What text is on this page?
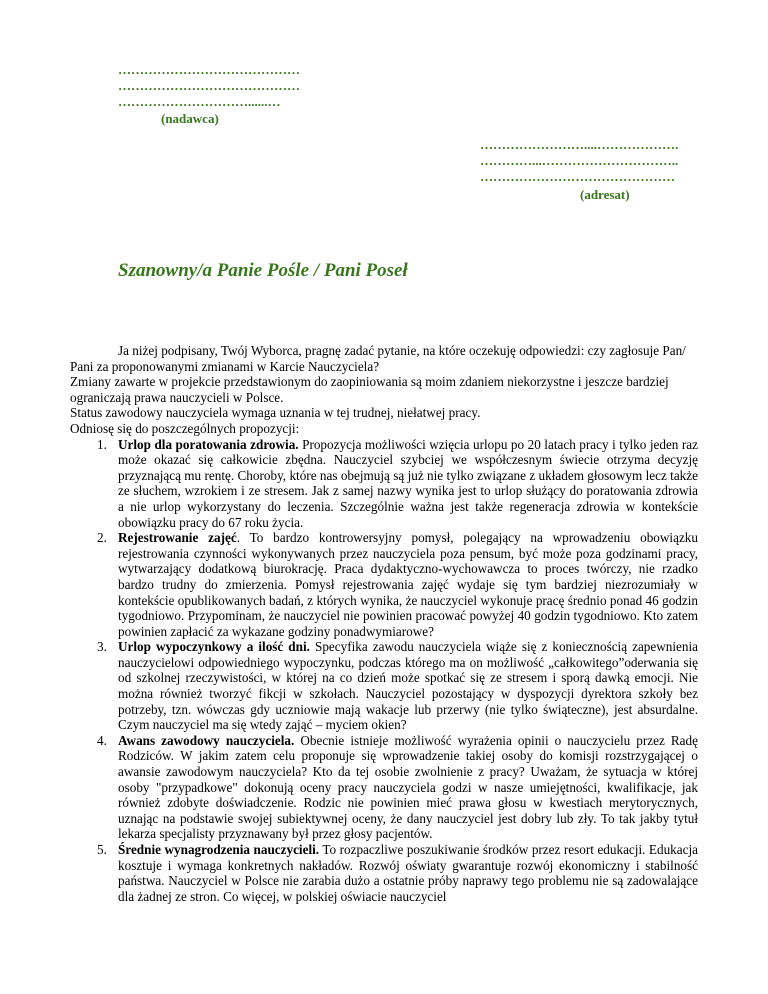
……………………………………
……………………………………
…………………………......…
(nadawca)
……………………....……………….
…………...…………………………..
………………………………………
(adresat)
Szanowny/a Panie Pośle / Pani Poseł

Ja niżej podpisany, Twój Wyborca, pragnę zadać pytanie, na które oczekuję odpowiedzi: czy zagłosuje Pan/ Pani za proponowanymi zmianami w Karcie Nauczyciela?

Zmiany zawarte w projekcie przedstawionym do zaopiniowania są moim zdaniem niekorzystne i jeszcze bardziej ograniczają prawa nauczycieli w Polsce.

Status zawodowy nauczyciela wymaga uznania w tej trudnej, niełatwej pracy.

Odniosę się do poszczególnych propozycji:

1. Urlop dla poratowania zdrowia. Propozycja możliwości wzięcia urlopu po 20 latach pracy i tylko jeden raz może okazać się całkowicie zbędna. Nauczyciel szybciej we współczesnym świecie otrzyma decyzję przyznającą mu rentę. Choroby, które nas obejmują są już nie tylko związane z układem głosowym lecz także ze słuchem, wzrokiem i ze stresem. Jak z samej nazwy wynika jest to urlop służący do poratowania zdrowia a nie urlop wykorzystany do leczenia. Szczególnie ważna jest także regeneracja zdrowia w kontekście obowiązku pracy do 67 roku życia.
2. Rejestrowanie zajęć. To bardzo kontrowersyjny pomysł, polegający na wprowadzeniu obowiązku rejestrowania czynności wykonywanych przez nauczyciela poza pensum, być może poza godzinami pracy, wytwarzający dodatkową biurokrację. Praca dydaktyczno-wychowawcza to proces twórczy, nie rzadko bardzo trudny do zmierzenia. Pomysł rejestrowania zajęć wydaje się tym bardziej niezrozumiały w kontekście opublikowanych badań, z których wynika, że nauczyciel wykonuje pracę średnio ponad 46 godzin tygodniowo. Przypominam, że nauczyciel nie powinien pracować powyżej 40 godzin tygodniowo. Kto zatem powinien zapłacić za wykazane godziny ponadwymiarowe?
3. Urlop wypoczynkowy a ilość dni. Specyfika zawodu nauczyciela wiąże się z koniecznością zapewnienia nauczycielowi odpowiedniego wypoczynku, podczas którego ma on możliwość „całkowitego”oderwania się od szkolnej rzeczywistości, w której na co dzień może spotkać się ze stresem i sporą dawką emocji. Nie można również tworzyć fikcji w szkołach. Nauczyciel pozostający w dyspozycji dyrektora szkoły bez potrzeby, tzn. wówczas gdy uczniowie mają wakacje lub przerwy (nie tylko świąteczne), jest absurdalne. Czym nauczyciel ma się wtedy zająć – myciem okien?
4. Awans zawodowy nauczyciela. Obecnie istnieje możliwość wyrażenia opinii o nauczycielu przez Radę Rodziców. W jakim zatem celu proponuje się wprowadzenie takiej osoby do komisji rozstrzygającej o awansie zawodowym nauczyciela? Kto da tej osobie zwolnienie z pracy? Uważam, że sytuacja w której osoby "przypadkowe" dokonują oceny pracy nauczyciela godzi w nasze umiejętności, kwalifikacje, jak również zdobyte doświadczenie. Rodzic nie powinien mieć prawa głosu w kwestiach merytorycznych, uznając na podstawie swojej subiektywnej oceny, że dany nauczyciel jest dobry lub zły. To tak jakby tytuł lekarza specjalisty przyznawany był przez głosy pacjentów.
5. Średnie wynagrodzenia nauczycieli. To rozpaczliwe poszukiwanie środków przez resort edukacji. Edukacja kosztuje i wymaga konkretnych nakładów. Rozwój oświaty gwarantuje rozwój ekonomiczny i stabilność państwa. Nauczyciel w Polsce nie zarabia dużo a ostatnie próby naprawy tego problemu nie są zadowalające dla żadnej ze stron. Co więcej, w polskiej oświacie nauczyciel
